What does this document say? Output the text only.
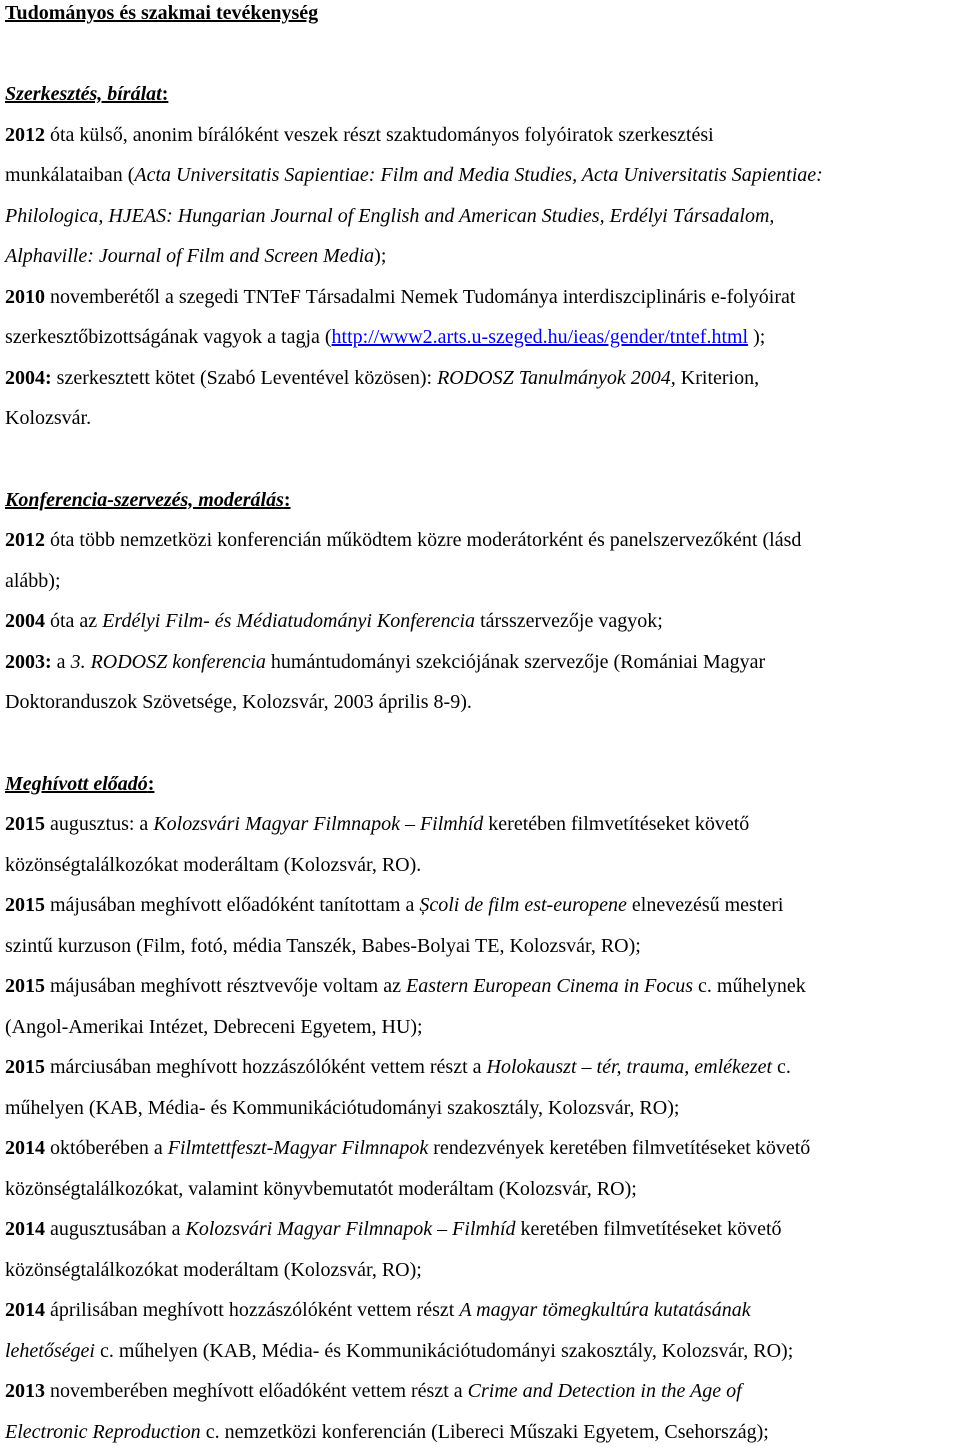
Tudományos és szakmai tevékenység

Szerkesztés, bírálat:

2012 óta külső, anonim bírálóként veszek részt szaktudományos folyóiratok szerkesztési

munkálataiban (Acta Universitatis Sapientiae: Film and Media Studies, Acta Universitatis Sapientiae:

Philologica, HJEAS: Hungarian Journal of English and American Studies, Erdélyi Társadalom,

Alphaville: Journal of Film and Screen Media);

2010 novemberétől a szegedi TNTeF Társadalmi Nemek Tudománya interdiszciplináris e-folyóirat

szerkesztőbizottságának vagyok a tagja (http://www2.arts.u-szeged.hu/ieas/gender/tntef.html );

2004: szerkesztett kötet (Szabó Leventével közösen): RODOSZ Tanulmányok 2004, Kriterion,

Kolozsvár.

Konferencia-szervezés, moderálás:

2012 óta több nemzetközi konferencián működtem közre moderátorként és panelszervezőként (lásd

alább);

2004 óta az Erdélyi Film- és Médiatudományi Konferencia társszervezője vagyok;

2003: a 3. RODOSZ konferencia humántudományi szekciójának szervezője (Romániai Magyar

Doktoranduszok Szövetsége, Kolozsvár, 2003 április 8-9).

Meghívott előadó:

2015 augusztus: a Kolozsvári Magyar Filmnapok – Filmhíd keretében filmvetítéseket követő

közönségtalálkozókat moderáltam (Kolozsvár, RO).

2015 májusában meghívott előadóként tanítottam a Școli de film est-europene elnevezésű mesteri

szintű kurzuson (Film, fotó, média Tanszék, Babes-Bolyai TE, Kolozsvár, RO);

2015 májusában meghívott résztvevője voltam az Eastern European Cinema in Focus c. műhelynek

(Angol-Amerikai Intézet, Debreceni Egyetem, HU);

2015 márciusában meghívott hozzászólóként vettem részt a Holokauszt – tér, trauma, emlékezet c.

műhelyen (KAB, Média- és Kommunikációtudományi szakosztály, Kolozsvár, RO);

2014 októberében a Filmtettfeszt-Magyar Filmnapok rendezvények keretében filmvetítéseket követő

közönségtalálkozókat, valamint könyvbemutatót moderáltam (Kolozsvár, RO);

2014 augusztusában a Kolozsvári Magyar Filmnapok – Filmhíd keretében filmvetítéseket követő

közönségtalálkozókat moderáltam (Kolozsvár, RO);

2014 áprilisában meghívott hozzászólóként vettem részt A magyar tömegkultúra kutatásának

lehetőségei c. műhelyen (KAB, Média- és Kommunikációtudományi szakosztály, Kolozsvár, RO);

2013 novemberében meghívott előadóként vettem részt a Crime and Detection in the Age of

Electronic Reproduction c. nemzetközi konferencián (Libereci Műszaki Egyetem, Csehország);
